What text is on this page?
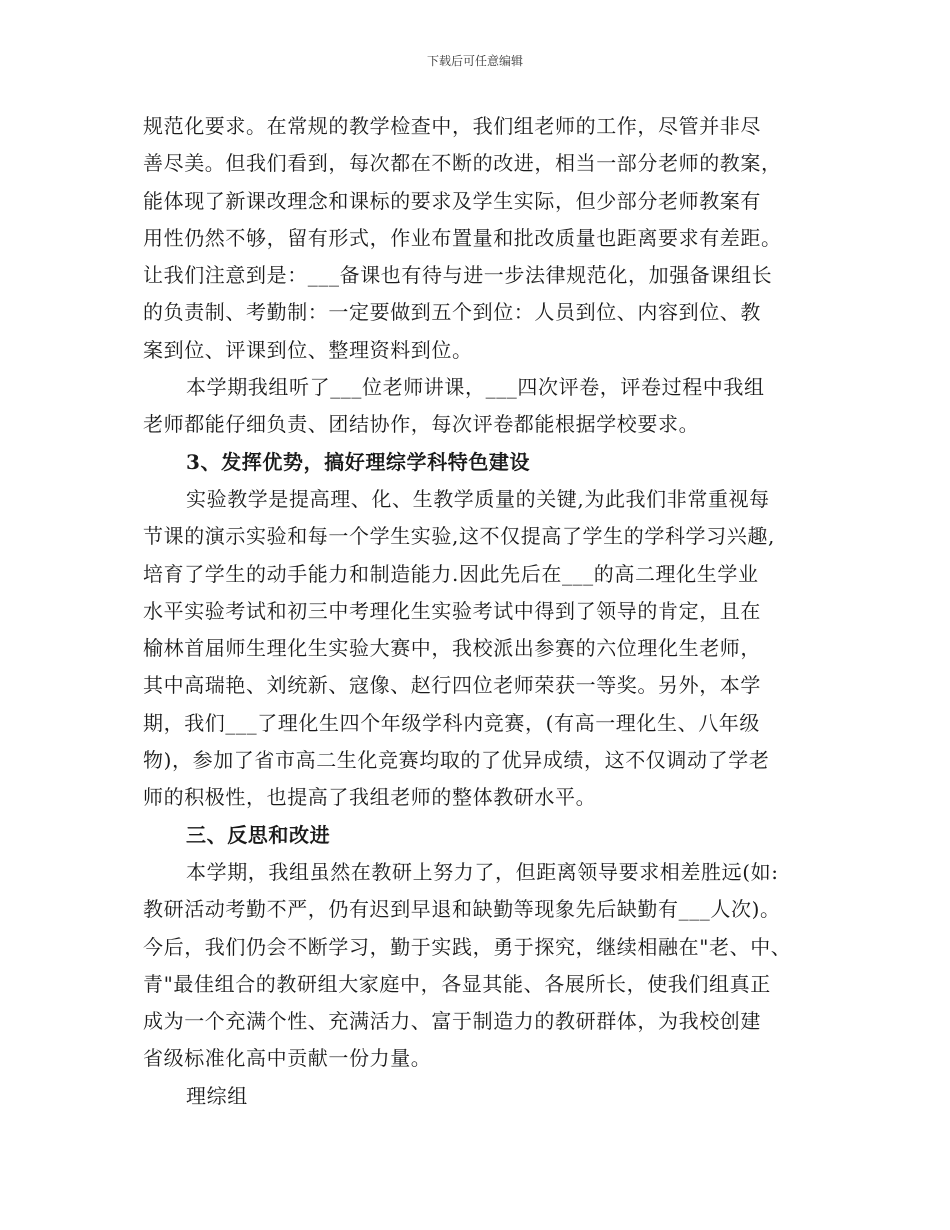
下载后可任意编辑
规范化要求。在常规的教学检查中，我们组老师的工作，尽管并非尽
善尽美。但我们看到，每次都在不断的改进，相当一部分老师的教案，
能体现了新课改理念和课标的要求及学生实际，但少部分老师教案有
用性仍然不够，留有形式，作业布置量和批改质量也距离要求有差距。
让我们注意到是：___备课也有待与进一步法律规范化，加强备课组长
的负责制、考勤制：一定要做到五个到位：人员到位、内容到位、教
案到位、评课到位、整理资料到位。
本学期我组听了___位老师讲课，___四次评卷，评卷过程中我组
老师都能仔细负责、团结协作，每次评卷都能根据学校要求。
3、发挥优势，搞好理综学科特色建设
实验教学是提高理、化、生教学质量的关键,为此我们非常重视每
节课的演示实验和每一个学生实验,这不仅提高了学生的学科学习兴趣,
培育了学生的动手能力和制造能力.因此先后在___的高二理化生学业
水平实验考试和初三中考理化生实验考试中得到了领导的肯定，且在
榆林首届师生理化生实验大赛中，我校派出参赛的六位理化生老师，
其中高瑞艳、刘统新、寇像、赵行四位老师荣获一等奖。另外，本学
期，我们___了理化生四个年级学科内竞赛，(有高一理化生、八年级
物)，参加了省市高二生化竞赛均取的了优异成绩，这不仅调动了学老
师的积极性，也提高了我组老师的整体教研水平。
三、反思和改进
本学期，我组虽然在教研上努力了，但距离领导要求相差胜远(如:
教研活动考勤不严，仍有迟到早退和缺勤等现象先后缺勤有___人次)。
今后，我们仍会不断学习，勤于实践，勇于探究，继续相融在"老、中、
青"最佳组合的教研组大家庭中，各显其能、各展所长，使我们组真正
成为一个充满个性、充满活力、富于制造力的教研群体，为我校创建
省级标准化高中贡献一份力量。
理综组
